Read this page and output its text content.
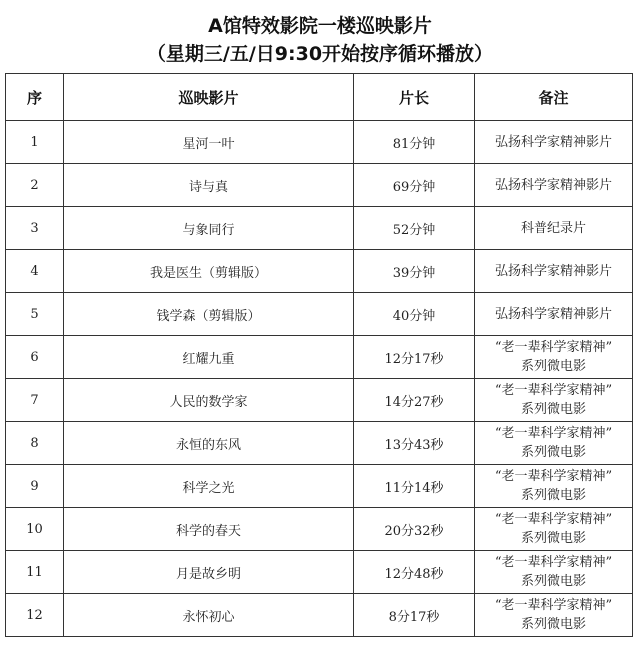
A馆特效影院一楼巡映影片
（星期三/五/日9:30开始按序循环播放）
序	巡映影片	片长	备注
1	星河一叶	81分钟	弘扬科学家精神影片

2	诗与真	69分钟	弘扬科学家精神影片

3	与象同行	52分钟	科普纪录片

4	我是医生（剪辑版）	39分钟	弘扬科学家精神影片

5	钱学森（剪辑版）	40分钟	弘扬科学家精神影片

6	红耀九重	12分17秒	“老一辈科学家精神”
系列微电影

7	人民的数学家	14分27秒	“老一辈科学家精神”
系列微电影

8	永恒的东风	13分43秒	“老一辈科学家精神”
系列微电影

9	科学之光	11分14秒	“老一辈科学家精神”
系列微电影

10	科学的春天	20分32秒	“老一辈科学家精神”
系列微电影

11	月是故乡明	12分48秒	“老一辈科学家精神”
系列微电影

12	永怀初心	8分17秒	“老一辈科学家精神”
系列微电影
